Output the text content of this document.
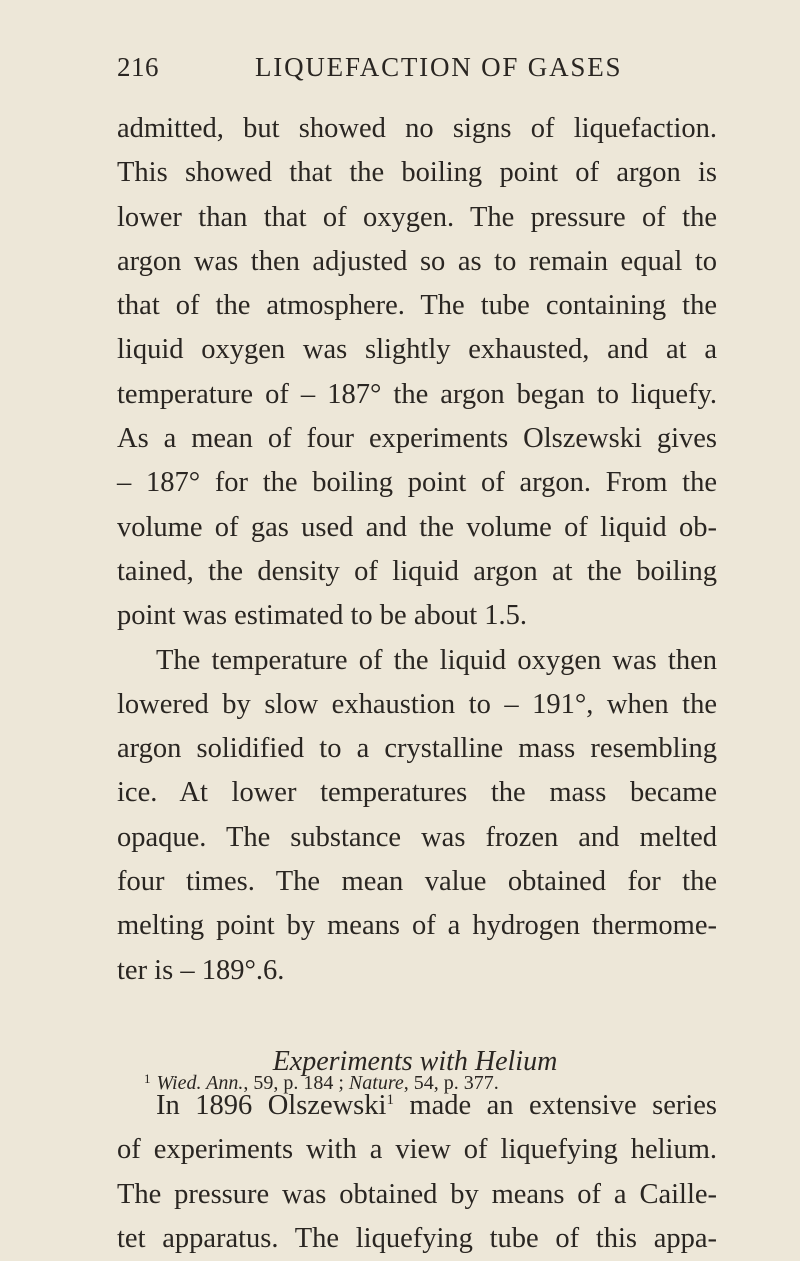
216	LIQUEFACTION OF GASES
admitted, but showed no signs of liquefaction.
This showed that the boiling point of argon is
lower than that of oxygen. The pressure of the
argon was then adjusted so as to remain equal to
that of the atmosphere. The tube containing the
liquid oxygen was slightly exhausted, and at a
temperature of – 187° the argon began to liquefy.
As a mean of four experiments Olszewski gives
– 187° for the boiling point of argon. From the
volume of gas used and the volume of liquid ob-
tained, the density of liquid argon at the boiling
point was estimated to be about 1.5.
The temperature of the liquid oxygen was then
lowered by slow exhaustion to – 191°, when the
argon solidified to a crystalline mass resembling
ice. At lower temperatures the mass became
opaque. The substance was frozen and melted
four times. The mean value obtained for the
melting point by means of a hydrogen thermome-
ter is – 189°.6.
Experiments with Helium
In 1896 Olszewski$^1$ made an extensive series
of experiments with a view of liquefying helium.
The pressure was obtained by means of a Caille-
tet apparatus. The liquefying tube of this appa-
$^1$ Wied. Ann., 59, p. 184 ; Nature, 54, p. 377.
